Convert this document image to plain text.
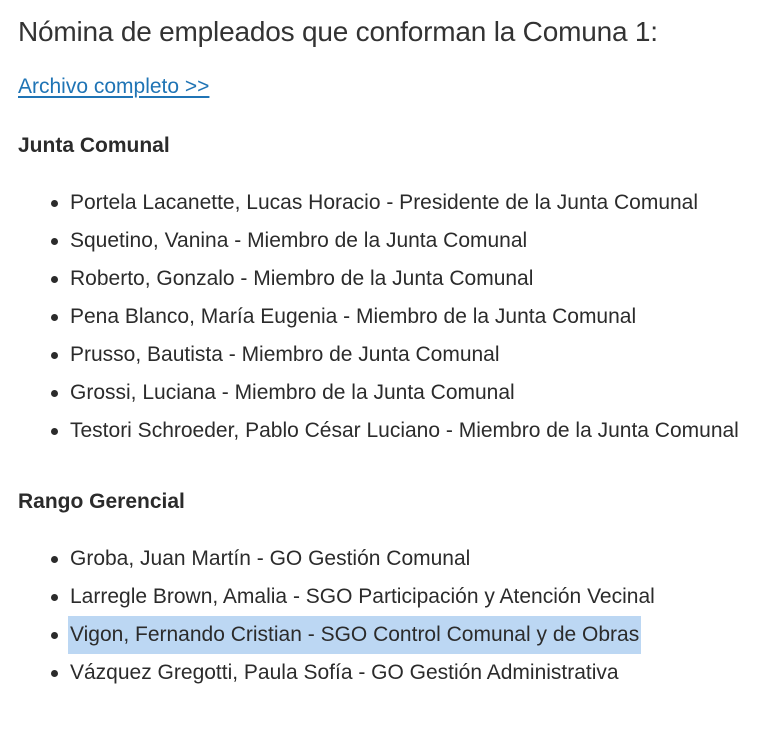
Nómina de empleados que conforman la Comuna 1:
Archivo completo >>
Junta Comunal
Portela Lacanette, Lucas Horacio - Presidente de la Junta Comunal
Squetino, Vanina - Miembro de la Junta Comunal
Roberto, Gonzalo - Miembro de la Junta Comunal
Pena Blanco, María Eugenia - Miembro de la Junta Comunal
Prusso, Bautista - Miembro de Junta Comunal
Grossi, Luciana - Miembro de la Junta Comunal
Testori Schroeder, Pablo César Luciano - Miembro de la Junta Comunal
Rango Gerencial
Groba, Juan Martín - GO Gestión Comunal
Larregle Brown, Amalia - SGO Participación y Atención Vecinal
Vigon, Fernando Cristian - SGO Control Comunal y de Obras
Vázquez Gregotti, Paula Sofía - GO Gestión Administrativa
